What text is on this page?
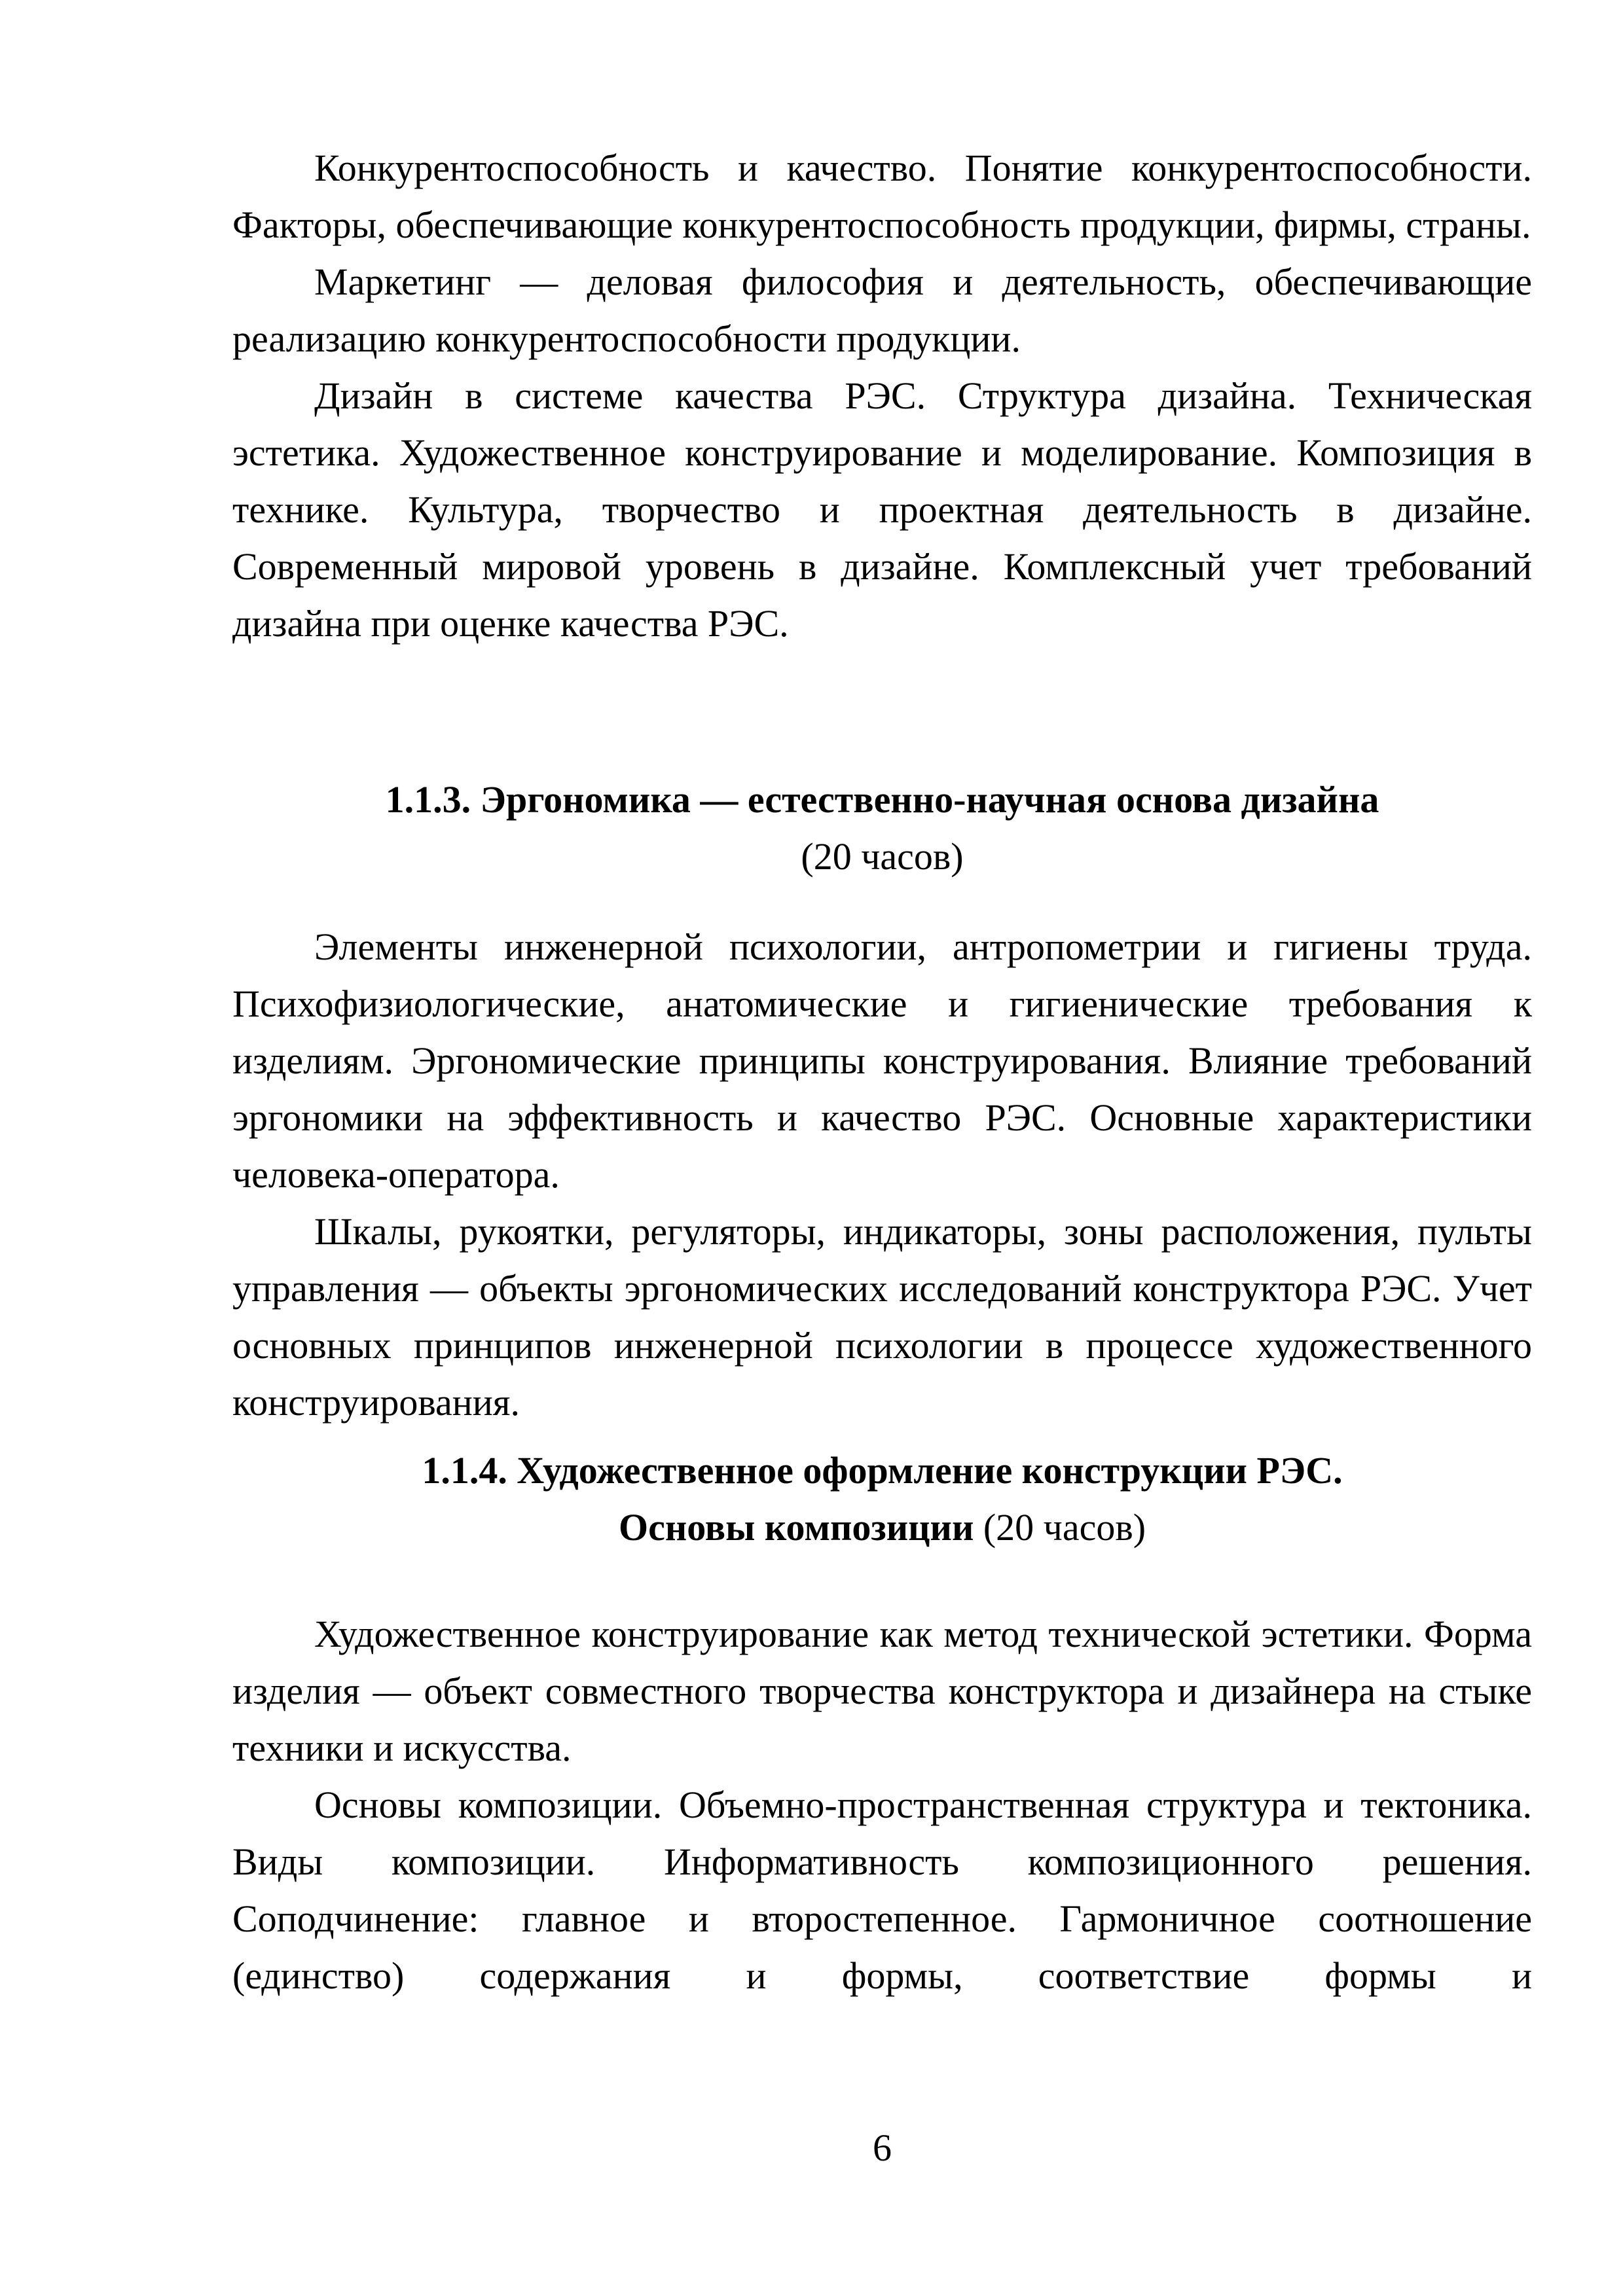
Конкурентоспособность и качество. Понятие конкурентоспособности. Факторы, обеспечивающие конкурентоспособность продукции, фирмы, страны.

Маркетинг — деловая философия и деятельность, обеспечивающие реализацию конкурентоспособности продукции.

Дизайн в системе качества РЭС. Структура дизайна. Техническая эстетика. Художественное конструирование и моделирование. Композиция в технике. Культура, творчество и проектная деятельность в дизайне. Современный мировой уровень в дизайне. Комплексный учет требований дизайна при оценке качества РЭС.

1.1.3. Эргономика — естественно-научная основа дизайна

(20 часов)

Элементы инженерной психологии, антропометрии и гигиены труда. Психофизиологические, анатомические и гигиенические требования к изделиям. Эргономические принципы конструирования. Влияние требований эргономики на эффективность и качество РЭС. Основные характеристики человека-оператора.

Шкалы, рукоятки, регуляторы, индикаторы, зоны расположения, пульты управления — объекты эргономических исследований конструктора РЭС. Учет основных принципов инженерной психологии в процессе художественного конструирования.

1.1.4. Художественное оформление конструкции РЭС.

Основы композиции (20 часов)

Художественное конструирование как метод технической эстетики. Форма изделия — объект совместного творчества конструктора и дизайнера на стыке техники и искусства.

Основы композиции. Объемно-пространственная структура и тектоника. Виды композиции. Информативность композиционного решения. Соподчинение: главное и второстепенное. Гармоничное соотношение (единство) содержания и формы, соответствие формы и

6
